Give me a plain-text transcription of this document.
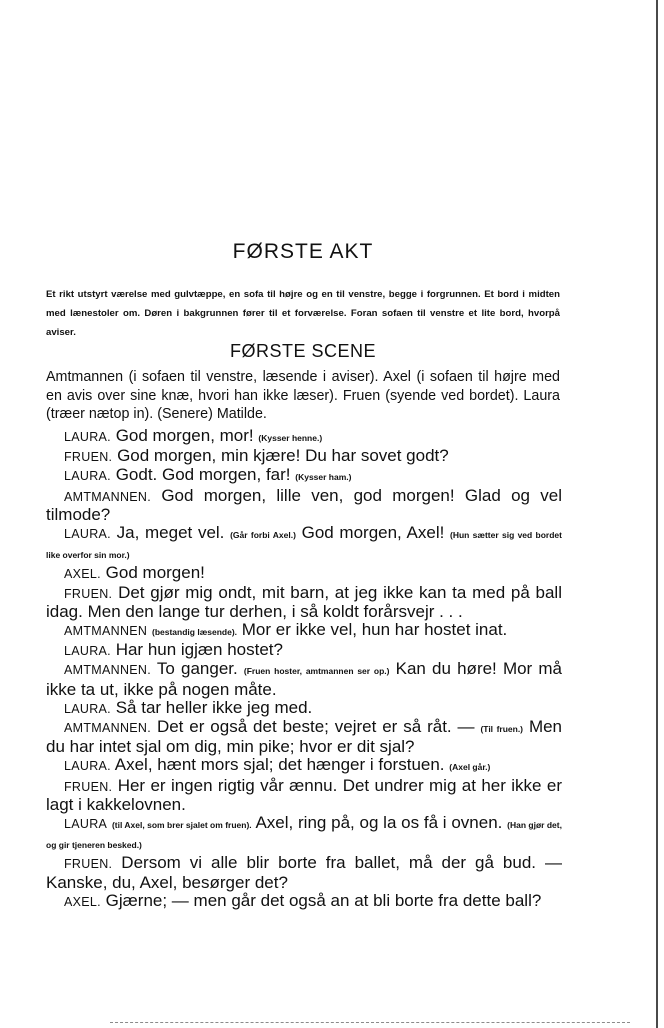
FØRSTE AKT

Et rikt utstyrt værelse med gulvtæppe, en sofa til højre og en til venstre, begge i forgrunnen. Et bord i midten med lænestoler om. Døren i bakgrunnen fører til et forværelse. Foran sofaen til venstre et lite bord, hvorpå aviser.

FØRSTE SCENE

Amtmannen (i sofaen til venstre, læsende i aviser). Axel (i sofaen til højre med en avis over sine knæ, hvori han ikke læser). Fruen (syende ved bordet). Laura (træer nætop in). (Senere) Matilde.

LAURA. God morgen, mor! (Kysser henne.)

FRUEN. God morgen, min kjære! Du har sovet godt?

LAURA. Godt. God morgen, far! (Kysser ham.)

AMTMANNEN. God morgen, lille ven, god morgen! Glad og vel tilmode?

LAURA. Ja, meget vel. (Går forbi Axel.) God morgen, Axel! (Hun sætter sig ved bordet like overfor sin mor.)

AXEL. God morgen!

FRUEN. Det gjør mig ondt, mit barn, at jeg ikke kan ta med på ball idag. Men den lange tur derhen, i så koldt forårsvejr . . .

AMTMANNEN (bestandig læsende). Mor er ikke vel, hun har hostet inat.

LAURA. Har hun igjæn hostet?

AMTMANNEN. To ganger. (Fruen hoster, amtmannen ser op.) Kan du høre! Mor må ikke ta ut, ikke på nogen måte.

LAURA. Så tar heller ikke jeg med.

AMTMANNEN. Det er også det beste; vejret er så råt. — (Til fruen.) Men du har intet sjal om dig, min pike; hvor er dit sjal?

LAURA. Axel, hænt mors sjal; det hænger i forstuen. (Axel går.)

FRUEN. Her er ingen rigtig vår ænnu. Det undrer mig at her ikke er lagt i kakkelovnen.

LAURA (til Axel, som brer sjalet om fruen). Axel, ring på, og la os få i ovnen. (Han gjør det, og gir tjeneren besked.)

FRUEN. Dersom vi alle blir borte fra ballet, må der gå bud. — Kanske, du, Axel, besørger det?

AXEL. Gjærne; — men går det også an at bli borte fra dette ball?
